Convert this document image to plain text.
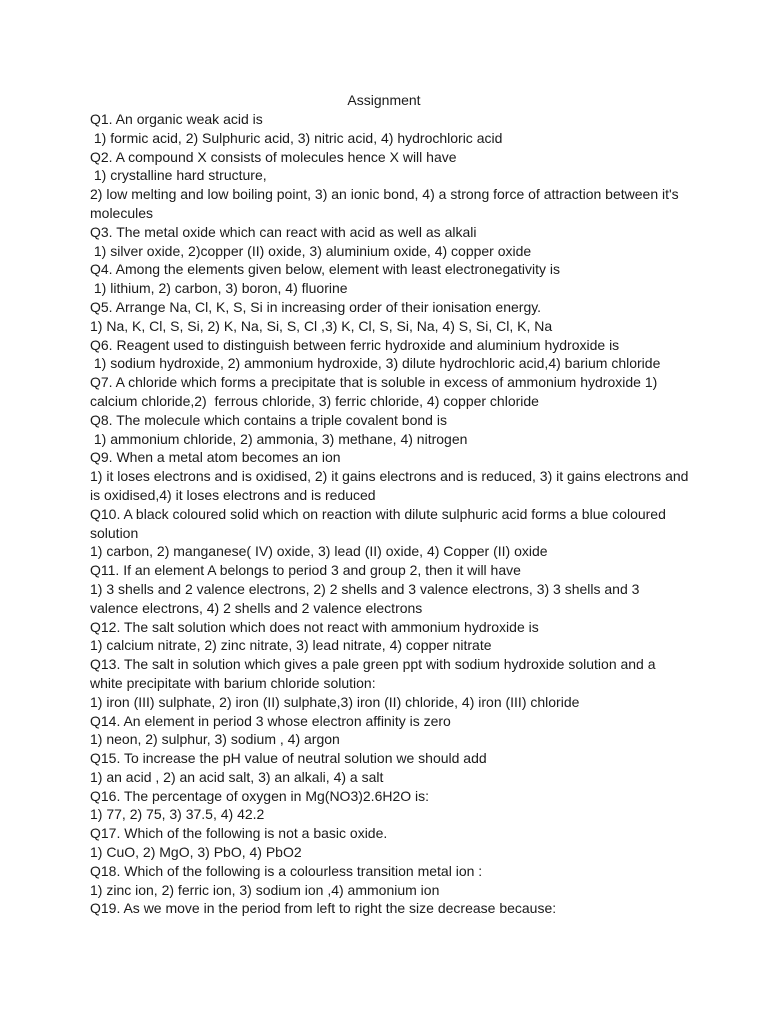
Assignment

Q1. An organic weak acid is

1) formic acid, 2) Sulphuric acid, 3) nitric acid, 4) hydrochloric acid

Q2. A compound X consists of molecules hence X will have

1) crystalline hard structure,

2) low melting and low boiling point, 3) an ionic bond, 4) a strong force of attraction between it's molecules

Q3. The metal oxide which can react with acid as well as alkali

1) silver oxide, 2)copper (II) oxide, 3) aluminium oxide, 4) copper oxide

Q4. Among the elements given below, element with least electronegativity is

1) lithium, 2) carbon, 3) boron, 4) fluorine

Q5. Arrange Na, Cl, K, S, Si in increasing order of their ionisation energy.

1) Na, K, Cl, S, Si, 2) K, Na, Si, S, Cl ,3) K, Cl, S, Si, Na, 4) S, Si, Cl, K, Na

Q6. Reagent used to distinguish between ferric hydroxide and aluminium hydroxide is

1) sodium hydroxide, 2) ammonium hydroxide, 3) dilute hydrochloric acid,4) barium chloride

Q7. A chloride which forms a precipitate that is soluble in excess of ammonium hydroxide 1) calcium chloride,2)  ferrous chloride, 3) ferric chloride, 4) copper chloride

Q8. The molecule which contains a triple covalent bond is

1) ammonium chloride, 2) ammonia, 3) methane, 4) nitrogen

Q9. When a metal atom becomes an ion

1) it loses electrons and is oxidised, 2) it gains electrons and is reduced, 3) it gains electrons and is oxidised,4) it loses electrons and is reduced

Q10. A black coloured solid which on reaction with dilute sulphuric acid forms a blue coloured solution

1) carbon, 2) manganese( IV) oxide, 3) lead (II) oxide, 4) Copper (II) oxide

Q11. If an element A belongs to period 3 and group 2, then it will have

1) 3 shells and 2 valence electrons, 2) 2 shells and 3 valence electrons, 3) 3 shells and 3 valence electrons, 4) 2 shells and 2 valence electrons

Q12. The salt solution which does not react with ammonium hydroxide is

1) calcium nitrate, 2) zinc nitrate, 3) lead nitrate, 4) copper nitrate

Q13. The salt in solution which gives a pale green ppt with sodium hydroxide solution and a white precipitate with barium chloride solution:

1) iron (III) sulphate, 2) iron (II) sulphate,3) iron (II) chloride, 4) iron (III) chloride

Q14. An element in period 3 whose electron affinity is zero

1) neon, 2) sulphur, 3) sodium , 4) argon

Q15. To increase the pH value of neutral solution we should add

1) an acid , 2) an acid salt, 3) an alkali, 4) a salt

Q16. The percentage of oxygen in Mg(NO3)2.6H2O is:

1) 77, 2) 75, 3) 37.5, 4) 42.2

Q17. Which of the following is not a basic oxide.

1) CuO, 2) MgO, 3) PbO, 4) PbO2

Q18. Which of the following is a colourless transition metal ion :

1) zinc ion, 2) ferric ion, 3) sodium ion ,4) ammonium ion

Q19. As we move in the period from left to right the size decrease because:
